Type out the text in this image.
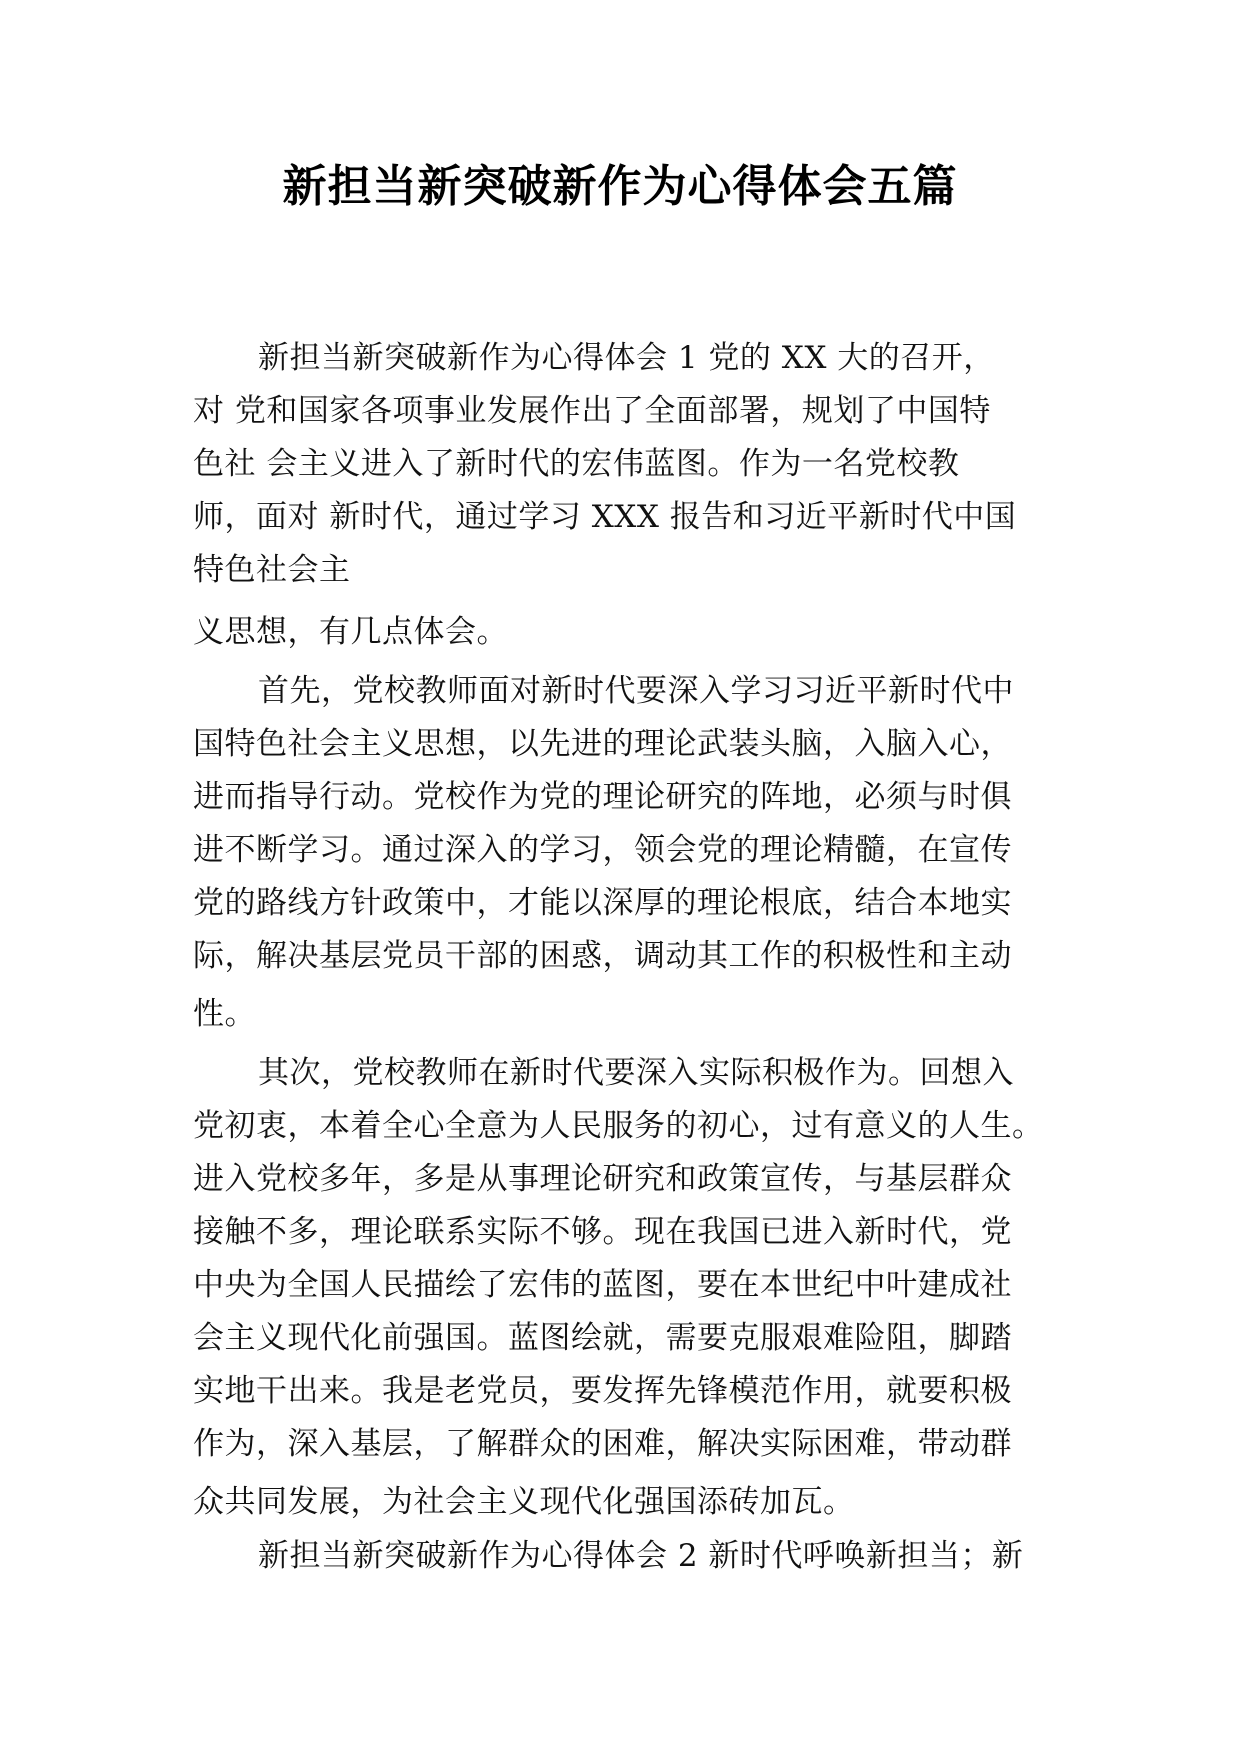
新担当新突破新作为心得体会五篇
新担当新突破新作为心得体会 1 党的 XX 大的召开，
对 党和国家各项事业发展作出了全面部署，规划了中国特
色社 会主义进入了新时代的宏伟蓝图。作为一名党校教
师，面对 新时代，通过学习 XXX 报告和习近平新时代中国
特色社会主
义思想，有几点体会。
首先，党校教师面对新时代要深入学习习近平新时代中
国特色社会主义思想，以先进的理论武装头脑，入脑入心，
进而指导行动。党校作为党的理论研究的阵地，必须与时俱
进不断学习。通过深入的学习，领会党的理论精髓，在宣传
党的路线方针政策中，才能以深厚的理论根底，结合本地实
际，解决基层党员干部的困惑，调动其工作的积极性和主动
性。
其次，党校教师在新时代要深入实际积极作为。回想入
党初衷，本着全心全意为人民服务的初心，过有意义的人生。
进入党校多年，多是从事理论研究和政策宣传，与基层群众
接触不多，理论联系实际不够。现在我国已进入新时代，党
中央为全国人民描绘了宏伟的蓝图，要在本世纪中叶建成社
会主义现代化前强国。蓝图绘就，需要克服艰难险阻，脚踏
实地干出来。我是老党员，要发挥先锋模范作用，就要积极
作为，深入基层，了解群众的困难，解决实际困难，带动群
众共同发展，为社会主义现代化强国添砖加瓦。
新担当新突破新作为心得体会 2 新时代呼唤新担当；新
